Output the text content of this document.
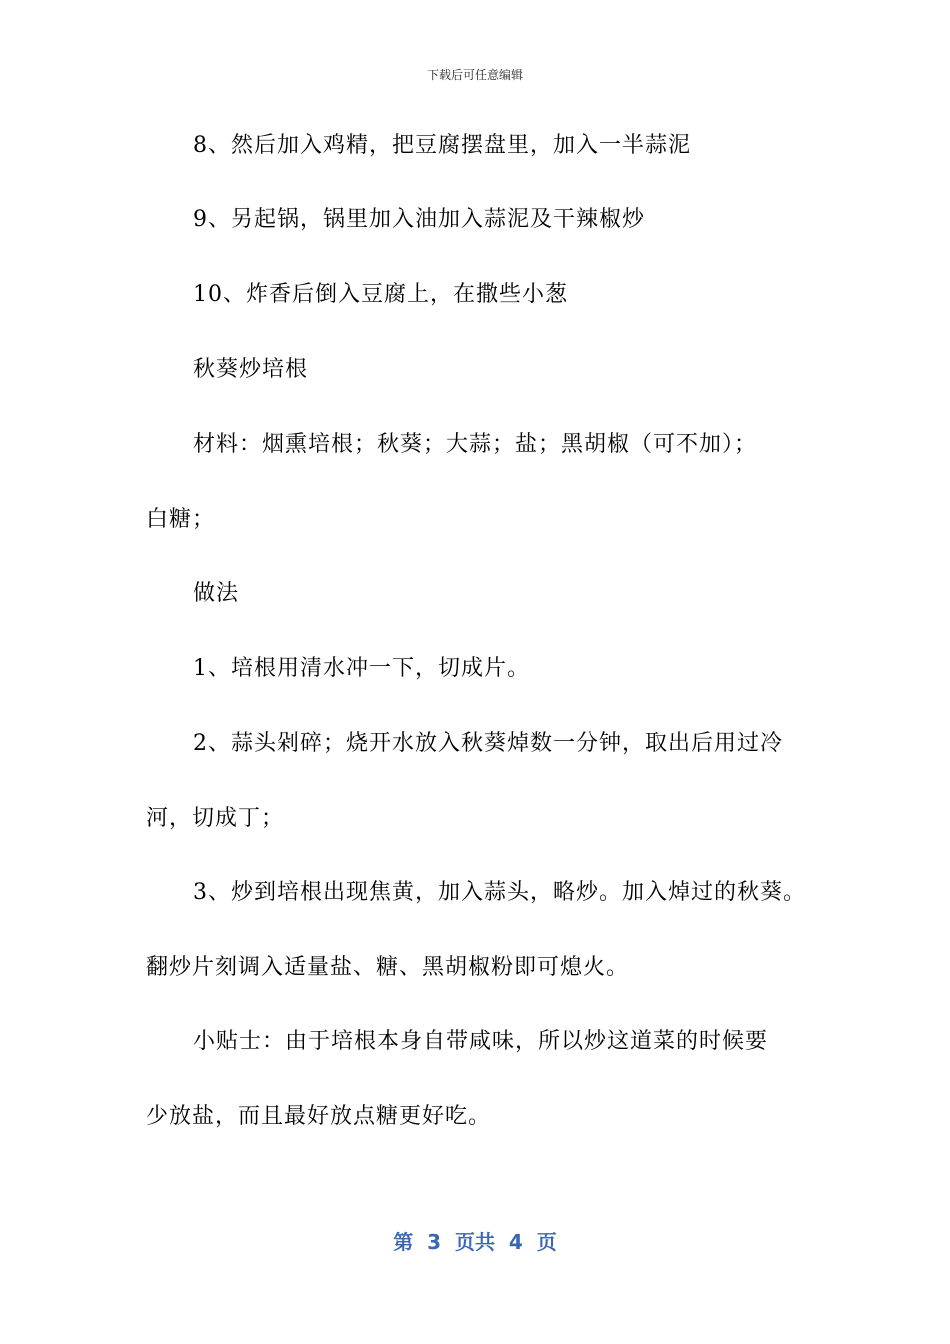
下载后可任意编辑
8、然后加入鸡精，把豆腐摆盘里，加入一半蒜泥
9、另起锅，锅里加入油加入蒜泥及干辣椒炒
10、炸香后倒入豆腐上，在撒些小葱
秋葵炒培根
材料：烟熏培根；秋葵；大蒜；盐；黑胡椒（可不加）；
白糖；
做法
1、培根用清水冲一下，切成片。
2、蒜头剁碎；烧开水放入秋葵焯数一分钟，取出后用过冷
河，切成丁；
3、炒到培根出现焦黄，加入蒜头，略炒。加入焯过的秋葵。
翻炒片刻调入适量盐、糖、黑胡椒粉即可熄火。
小贴士：由于培根本身自带咸味，所以炒这道菜的时候要
少放盐，而且最好放点糖更好吃。
第  3  页共  4  页
